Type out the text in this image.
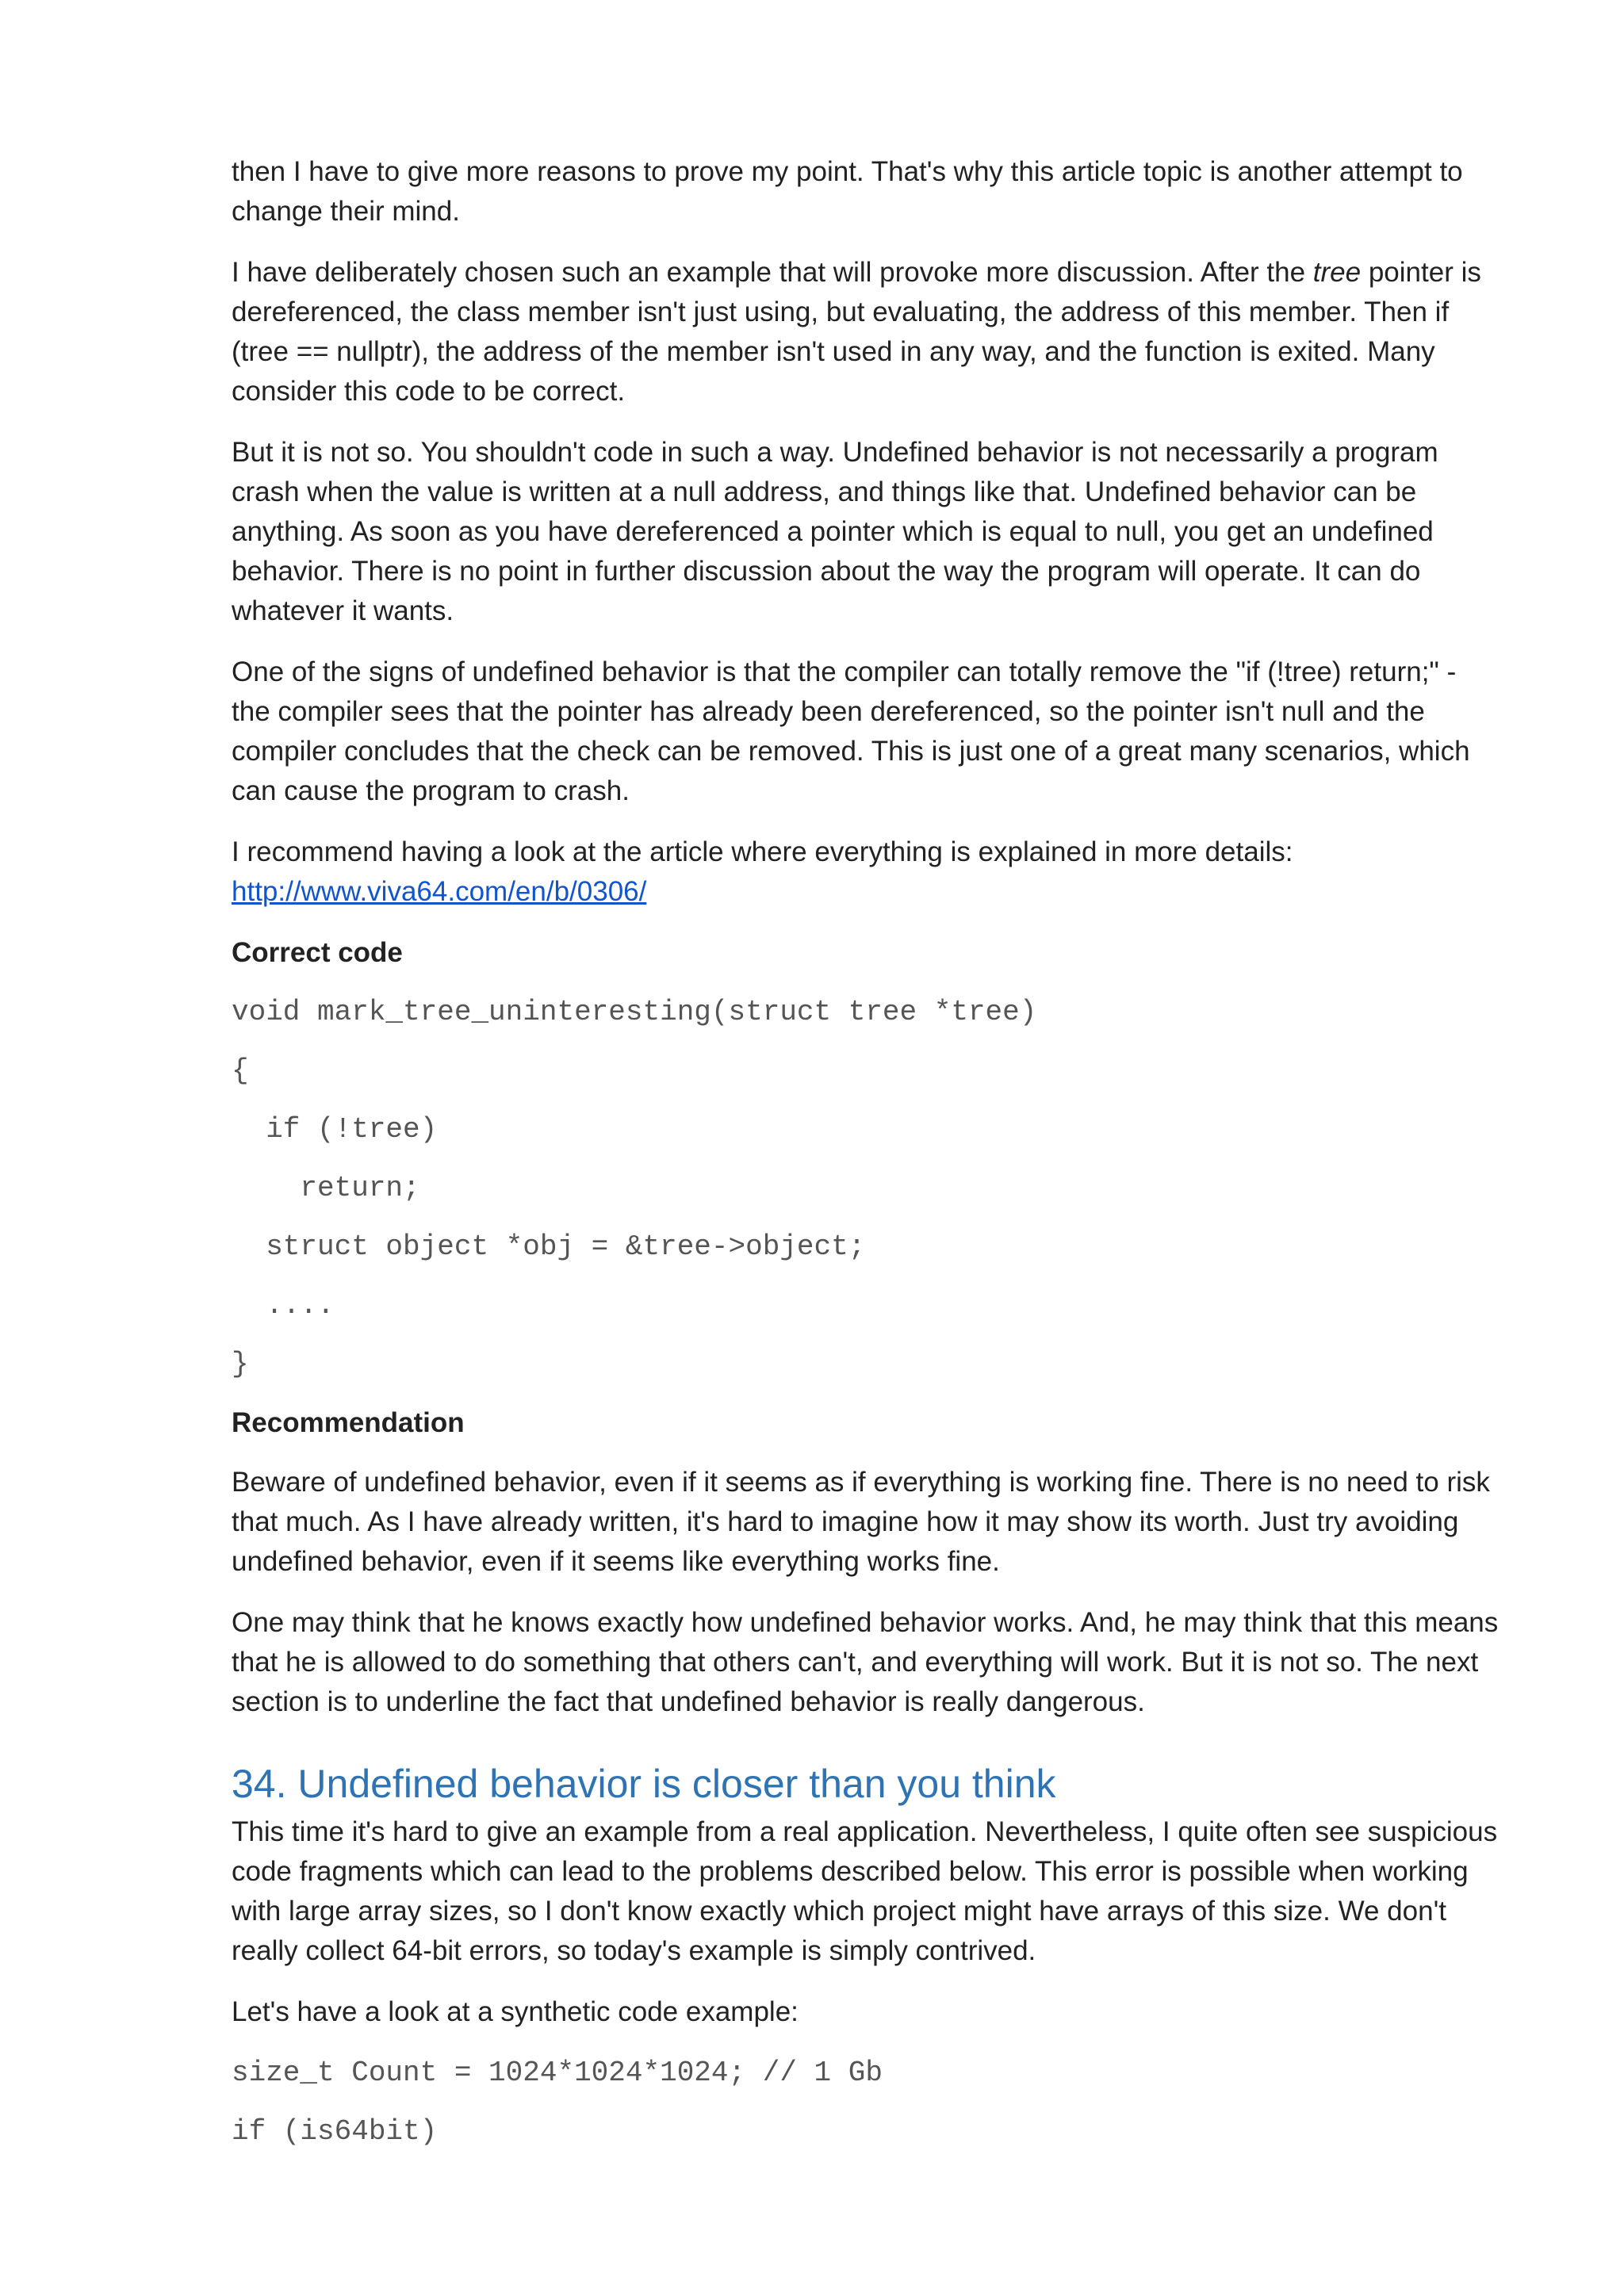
then I have to give more reasons to prove my point. That's why this article topic is another attempt to change their mind.

I have deliberately chosen such an example that will provoke more discussion. After the tree pointer is dereferenced, the class member isn't just using, but evaluating, the address of this member. Then if (tree == nullptr), the address of the member isn't used in any way, and the function is exited. Many consider this code to be correct.

But it is not so. You shouldn't code in such a way. Undefined behavior is not necessarily a program crash when the value is written at a null address, and things like that. Undefined behavior can be anything. As soon as you have dereferenced a pointer which is equal to null, you get an undefined behavior. There is no point in further discussion about the way the program will operate. It can do whatever it wants.

One of the signs of undefined behavior is that the compiler can totally remove the "if (!tree) return;" - the compiler sees that the pointer has already been dereferenced, so the pointer isn't null and the compiler concludes that the check can be removed. This is just one of a great many scenarios, which can cause the program to crash.

I recommend having a look at the article where everything is explained in more details:
http://www.viva64.com/en/b/0306/

Correct code
void mark_tree_uninteresting(struct tree *tree)
{
if (!tree)
return;
struct object *obj = &tree->object;
....
}
Recommendation

Beware of undefined behavior, even if it seems as if everything is working fine. There is no need to risk that much. As I have already written, it's hard to imagine how it may show its worth. Just try avoiding undefined behavior, even if it seems like everything works fine.

One may think that he knows exactly how undefined behavior works. And, he may think that this means that he is allowed to do something that others can't, and everything will work. But it is not so. The next section is to underline the fact that undefined behavior is really dangerous.

34. Undefined behavior is closer than you think

This time it's hard to give an example from a real application. Nevertheless, I quite often see suspicious code fragments which can lead to the problems described below. This error is possible when working with large array sizes, so I don't know exactly which project might have arrays of this size. We don't really collect 64-bit errors, so today's example is simply contrived.

Let's have a look at a synthetic code example:

size_t Count = 1024*1024*1024; // 1 Gb
if (is64bit)
